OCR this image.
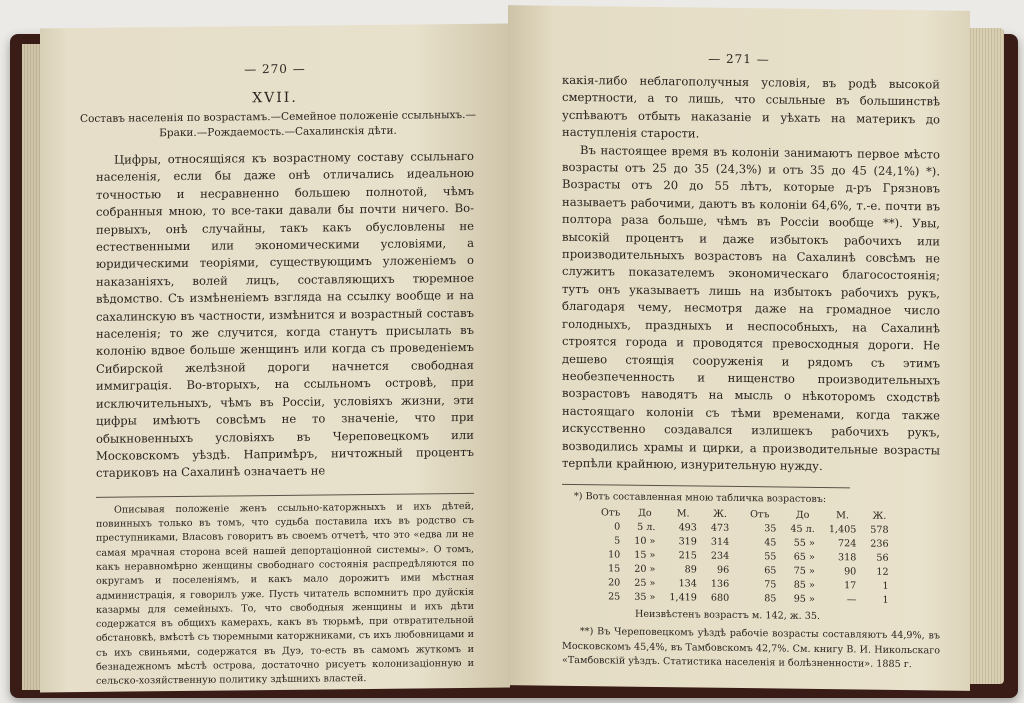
— 270 —
XVII.
Составъ населенія по возрастамъ.—Семейное положеніе ссыльныхъ.—Браки.—Рождаемость.—Сахалинскія дѣти.
Цифры, относящіяся къ возрастному составу ссыльнаго населенія, если бы даже онѣ отличались идеальною точностью и несравненно большею полнотой, чѣмъ собранныя мною, то все-таки давали бы почти ничего. Во-первыхъ, онѣ случайны, такъ какъ обусловлены не естественными или экономическими условіями, а юридическими теоріями, существующимъ уложеніемъ о наказаніяхъ, волей лицъ, составляющихъ тюремное вѣдомство. Съ измѣненіемъ взгляда на ссылку вообще и на сахалинскую въ частности, измѣнится и возрастный составъ населенія; то же случится, когда станутъ присылать въ колонію вдвое больше женщинъ или когда съ проведеніемъ Сибирской желѣзной дороги начнется свободная иммиграція. Во-вторыхъ, на ссыльномъ островѣ, при исключительныхъ, чѣмъ въ Россіи, условіяхъ жизни, эти цифры имѣютъ совсѣмъ не то значеніе, что при обыкновенныхъ условіяхъ въ Череповецкомъ или Московскомъ уѣздѣ. Напримѣръ, ничтожный процентъ стариковъ на Сахалинѣ означаетъ не
Описывая положеніе женъ ссыльно-каторжныхъ и ихъ дѣтей, повинныхъ только въ томъ, что судьба поставила ихъ въ родство съ преступниками, Власовъ говоритъ въ своемъ отчетѣ, что это «едва ли не самая мрачная сторона всей нашей депортаціонной системы». О томъ, какъ неравномѣрно женщины свободнаго состоянія распредѣляются по округамъ и поселеніямъ, и какъ мало дорожитъ ими мѣстная администрація, я говорилъ уже. Пусть читатель вспомнитъ про дуйскія казармы для семейныхъ. То, что свободныя женщины и ихъ дѣти содержатся въ общихъ камерахъ, какъ въ тюрьмѣ, при отвратительной обстановкѣ, вмѣстѣ съ тюремными каторжниками, съ ихъ любовницами и съ ихъ свиньями, содержатся въ Дуэ, то-есть въ самомъ жуткомъ и безнадежномъ мѣстѣ острова, достаточно рисуетъ колонизаціонную и сельско-хозяйственную политику здѣшнихъ властей.
— 271 —
какія-либо неблагополучныя условія, въ родѣ высокой смертности, а то лишь, что ссыльные въ большинствѣ успѣваютъ отбыть наказаніе и уѣхать на материкъ до наступленія старости.
Въ настоящее время въ колоніи занимаютъ первое мѣсто возрасты отъ 25 до 35 (24,3%) и отъ 35 до 45 (24,1%) *). Возрасты отъ 20 до 55 лѣтъ, которые д-ръ Грязновъ называетъ рабочими, даютъ въ колоніи 64,6%, т.-е. почти въ полтора раза больше, чѣмъ въ Россіи вообще **). Увы, высокій процентъ и даже избытокъ рабочихъ или производительныхъ возрастовъ на Сахалинѣ совсѣмъ не служитъ показателемъ экономическаго благосостоянія; тутъ онъ указываетъ лишь на избытокъ рабочихъ рукъ, благодаря чему, несмотря даже на громадное число голодныхъ, праздныхъ и неспособныхъ, на Сахалинѣ строятся города и проводятся превосходныя дороги. Не дешево стоящія сооруженія и рядомъ съ этимъ необезпеченность и нищенство производительныхъ возрастовъ наводятъ на мысль о нѣкоторомъ сходствѣ настоящаго колоніи съ тѣми временами, когда также искусственно создавался излишекъ рабочихъ рукъ, возводились храмы и цирки, а производительные возрасты терпѣли крайнюю, изнурительную нужду.
*) Вотъ составленная мною табличка возрастовъ:
Отъ	До	М.	Ж.	Отъ	До	М.	Ж.
0	5 л.	493	473	35	45 л.	1,405	578
5	10 »	319	314	45	55 »	724	236
10	15 »	215	234	55	65 »	318	56
15	20 »	89	96	65	75 »	90	12
20	25 »	134	136	75	85 »	17	1
25	35 »	1,419	680	85	95 »	—	1
Неизвѣстенъ возрастъ м. 142, ж. 35.
**) Въ Череповецкомъ уѣздѣ рабочіе возрасты составляютъ 44,9%, въ Московскомъ 45,4%, въ Тамбовскомъ 42,7%. См. книгу В. И. Никольскаго «Тамбовскій уѣздъ. Статистика населенія и болѣзненности». 1885 г.
